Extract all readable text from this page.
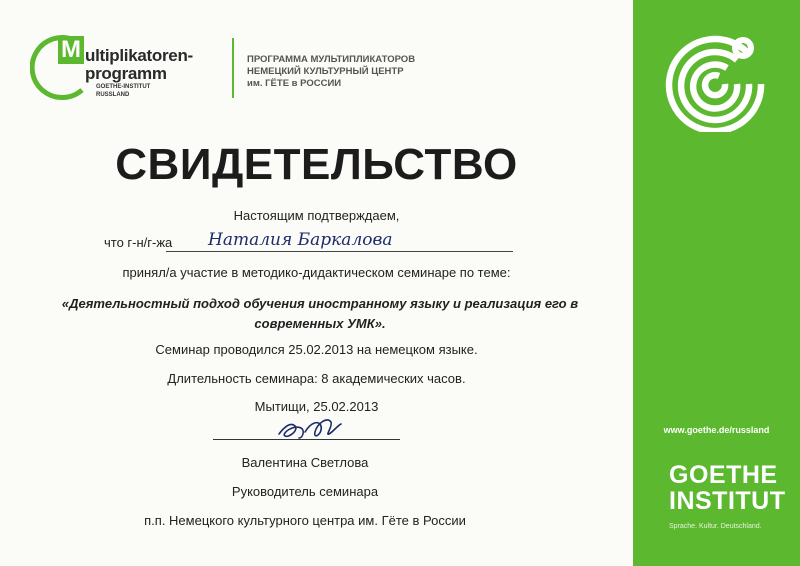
M ultiplikatoren-
programm
GOETHE-INSTITUT
RUSSLAND
ПРОГРАММА МУЛЬТИПЛИКАТОРОВ
НЕМЕЦКИЙ КУЛЬТУРНЫЙ ЦЕНТР
им. ГЁТЕ в РОССИИ
СВИДЕТЕЛЬСТВО
Настоящим подтверждаем,
что г-н/г-жа Наталия Баркалова
принял/а участие в методико-дидактическом семинаре по теме:
«Деятельностный подход обучения иностранному языку и реализация его в
современных УМК».
Семинар проводился 25.02.2013 на немецком языке.
Длительность семинара: 8 академических часов.
Мытищи, 25.02.2013
Валентина Светлова
Руководитель семинара
п.п. Немецкого культурного центра им. Гёте в России
www.goethe.de/russland
GOETHE
INSTITUT
Sprache. Kultur. Deutschland.
